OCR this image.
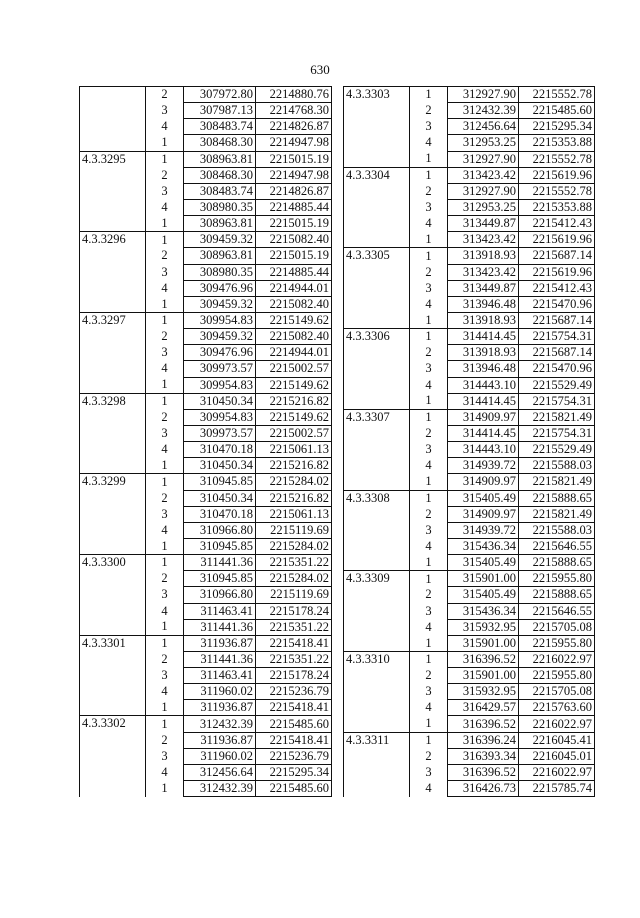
630
	2	307972.80	2214880.76
	3	307987.13	2214768.30
	4	308483.74	2214826.87
	1	308468.30	2214947.98
4.3.3295	1	308963.81	2215015.19
	2	308468.30	2214947.98
	3	308483.74	2214826.87
	4	308980.35	2214885.44
	1	308963.81	2215015.19
4.3.3296	1	309459.32	2215082.40
	2	308963.81	2215015.19
	3	308980.35	2214885.44
	4	309476.96	2214944.01
	1	309459.32	2215082.40
4.3.3297	1	309954.83	2215149.62
	2	309459.32	2215082.40
	3	309476.96	2214944.01
	4	309973.57	2215002.57
	1	309954.83	2215149.62
4.3.3298	1	310450.34	2215216.82
	2	309954.83	2215149.62
	3	309973.57	2215002.57
	4	310470.18	2215061.13
	1	310450.34	2215216.82
4.3.3299	1	310945.85	2215284.02
	2	310450.34	2215216.82
	3	310470.18	2215061.13
	4	310966.80	2215119.69
	1	310945.85	2215284.02
4.3.3300	1	311441.36	2215351.22
	2	310945.85	2215284.02
	3	310966.80	2215119.69
	4	311463.41	2215178.24
	1	311441.36	2215351.22
4.3.3301	1	311936.87	2215418.41
	2	311441.36	2215351.22
	3	311463.41	2215178.24
	4	311960.02	2215236.79
	1	311936.87	2215418.41
4.3.3302	1	312432.39	2215485.60
	2	311936.87	2215418.41
	3	311960.02	2215236.79
	4	312456.64	2215295.34
	1	312432.39	2215485.60
4.3.3303	1	312927.90	2215552.78
	2	312432.39	2215485.60
	3	312456.64	2215295.34
	4	312953.25	2215353.88
	1	312927.90	2215552.78
4.3.3304	1	313423.42	2215619.96
	2	312927.90	2215552.78
	3	312953.25	2215353.88
	4	313449.87	2215412.43
	1	313423.42	2215619.96
4.3.3305	1	313918.93	2215687.14
	2	313423.42	2215619.96
	3	313449.87	2215412.43
	4	313946.48	2215470.96
	1	313918.93	2215687.14
4.3.3306	1	314414.45	2215754.31
	2	313918.93	2215687.14
	3	313946.48	2215470.96
	4	314443.10	2215529.49
	1	314414.45	2215754.31
4.3.3307	1	314909.97	2215821.49
	2	314414.45	2215754.31
	3	314443.10	2215529.49
	4	314939.72	2215588.03
	1	314909.97	2215821.49
4.3.3308	1	315405.49	2215888.65
	2	314909.97	2215821.49
	3	314939.72	2215588.03
	4	315436.34	2215646.55
	1	315405.49	2215888.65
4.3.3309	1	315901.00	2215955.80
	2	315405.49	2215888.65
	3	315436.34	2215646.55
	4	315932.95	2215705.08
	1	315901.00	2215955.80
4.3.3310	1	316396.52	2216022.97
	2	315901.00	2215955.80
	3	315932.95	2215705.08
	4	316429.57	2215763.60
	1	316396.52	2216022.97
4.3.3311	1	316396.24	2216045.41
	2	316393.34	2216045.01
	3	316396.52	2216022.97
	4	316426.73	2215785.74
